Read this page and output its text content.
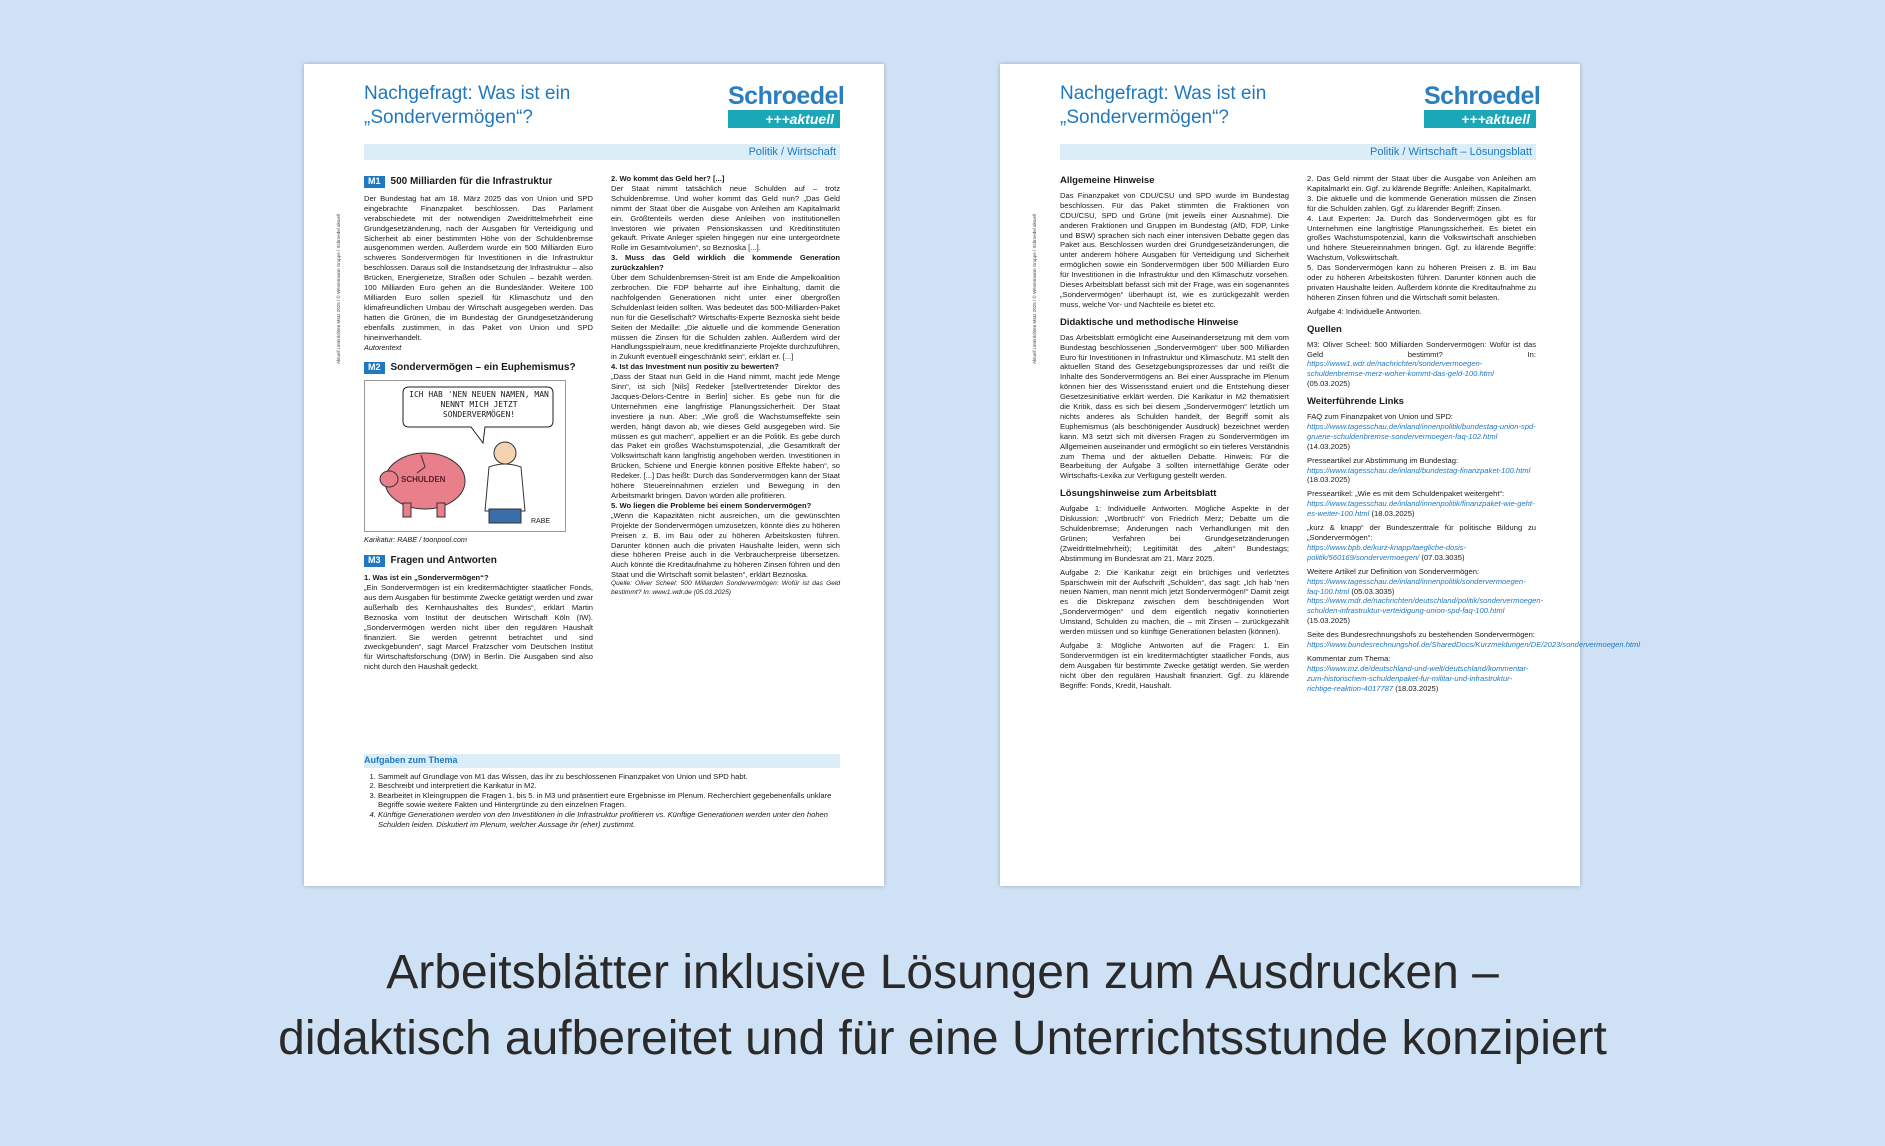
Nachgefragt: Was ist ein „Sondervermögen“?
Schroedel
+++aktuell
Politik / Wirtschaft
Aktuell Unterrichten März 2025 / © Westermann Gruppe / Schroedel aktuell
M1	500 Milliarden für die Infrastruktur
Der Bundestag hat am 18. März 2025 das von Union und SPD eingebrachte Finanzpaket beschlossen. Das Parlament verabschiedete mit der notwendigen Zweidrittelmehrheit eine Grundgesetzänderung, nach der Ausgaben für Verteidigung und Sicherheit ab einer bestimmten Höhe von der Schuldenbremse ausgenommen werden. Außerdem wurde ein 500 Milliarden Euro schweres Sondervermögen für Investitionen in die Infrastruktur beschlossen. Daraus soll die Instandsetzung der Infrastruktur – also Brücken, Energienetze, Straßen oder Schulen – bezahlt werden. 100 Milliarden Euro gehen an die Bundesländer. Weitere 100 Milliarden Euro sollen speziell für Klimaschutz und den klimafreundlichen Umbau der Wirtschaft ausgegeben werden. Das hatten die Grünen, die im Bundestag der Grundgesetzänderung ebenfalls zustimmen, in das Paket von Union und SPD hineinverhandelt.
Autorentext
M2	Sondervermögen – ein Euphemismus?
ICH HAB 'NEN NEUEN NAMEN, MAN NENNT MICH JETZT SONDERVERMÖGEN!
SCHULDEN
RABE
Karikatur: RABE / toonpool.com
M3	Fragen und Antworten
1. Was ist ein „Sondervermögen“?
„Ein Sondervermögen ist ein kreditermächtigter staatlicher Fonds, aus dem Ausgaben für bestimmte Zwecke getätigt werden und zwar außerhalb des Kernhaushaltes des Bundes“, erklärt Martin Beznoska vom Institut der deutschen Wirtschaft Köln (IW). „Sondervermögen werden nicht über den regulären Haushalt finanziert. Sie werden getrennt betrachtet und sind zweckgebunden“, sagt Marcel Fratzscher vom Deutschen Institut für Wirtschaftsforschung (DIW) in Berlin. Die Ausgaben sind also nicht durch den Haushalt gedeckt.
2. Wo kommt das Geld her? [...]
Der Staat nimmt tatsächlich neue Schulden auf – trotz Schuldenbremse. Und woher kommt das Geld nun? „Das Geld nimmt der Staat über die Ausgabe von Anleihen am Kapitalmarkt ein. Größtenteils werden diese Anleihen von institutionellen Investoren wie privaten Pensionskassen und Kreditinstituten gekauft. Private Anleger spielen hingegen nur eine untergeordnete Rolle im Gesamtvolumen“, so Beznoska [...].
3. Muss das Geld wirklich die kommende Generation zurückzahlen?
Über dem Schuldenbremsen-Streit ist am Ende die Ampelkoalition zerbrochen. Die FDP beharrte auf ihre Einhaltung, damit die nachfolgenden Generationen nicht unter einer übergroßen Schuldenlast leiden sollten. Was bedeutet das 500-Milliarden-Paket nun für die Gesellschaft? Wirtschafts-Experte Beznoska sieht beide Seiten der Medaille: „Die aktuelle und die kommende Generation müssen die Zinsen für die Schulden zahlen. Außerdem wird der Handlungsspielraum, neue kreditfinanzierte Projekte durchzuführen, in Zukunft eventuell eingeschränkt sein“, erklärt er. [...]
4. Ist das Investment nun positiv zu bewerten?
„Dass der Staat nun Geld in die Hand nimmt, macht jede Menge Sinn“, ist sich [Nils] Redeker [stellvertretender Direktor des Jacques-Delors-Centre in Berlin] sicher. Es gebe nun für die Unternehmen eine langfristige Planungssicherheit. Der Staat investiere ja nun. Aber: „Wie groß die Wachstumseffekte sein werden, hängt davon ab, wie dieses Geld ausgegeben wird. Sie müssen es gut machen“, appelliert er an die Politik. Es gebe durch das Paket ein großes Wachstumspotenzial, „die Gesamtkraft der Volkswirtschaft kann langfristig angehoben werden. Investitionen in Brücken, Schiene und Energie können positive Effekte haben“, so Redeker. [...] Das heißt: Durch das Sondervermögen kann der Staat höhere Steuereinnahmen erzielen und Bewegung in den Arbeitsmarkt bringen. Davon würden alle profitieren.
5. Wo liegen die Probleme bei einem Sondervermögen?
„Wenn die Kapazitäten nicht ausreichen, um die gewünschten Projekte der Sondervermögen umzusetzen, könnte dies zu höheren Preisen z. B. im Bau oder zu höheren Arbeitskosten führen. Darunter können auch die privaten Haushalte leiden, wenn sich diese höheren Preise auch in die Verbraucherpreise übersetzen. Auch könnte die Kreditaufnahme zu höheren Zinsen führen und den Staat und die Wirtschaft somit belasten“, erklärt Beznoska.
Quelle: Oliver Scheel: 500 Milliarden Sondervermögen: Wofür ist das Geld bestimmt? In: www1.wdr.de (05.03.2025)
Aufgaben zum Thema
1. Sammelt auf Grundlage von M1 das Wissen, das ihr zu beschlossenen Finanzpaket von Union und SPD habt.
2. Beschreibt und interpretiert die Karikatur in M2.
3. Bearbeitet in Kleingruppen die Fragen 1. bis 5. in M3 und präsentiert eure Ergebnisse im Plenum. Recherchiert gegebenenfalls unklare Begriffe sowie weitere Fakten und Hintergründe zu den einzelnen Fragen.
4. Künftige Generationen werden von den Investitionen in die Infrastruktur profitieren vs. Künftige Generationen werden unter den hohen Schulden leiden. Diskutiert im Plenum, welcher Aussage ihr (eher) zustimmt.
Nachgefragt: Was ist ein „Sondervermögen“?
Schroedel
+++aktuell
Politik / Wirtschaft – Lösungsblatt
Aktuell Unterrichten März 2025 / © Westermann Gruppe / Schroedel aktuell
Allgemeine Hinweise
Das Finanzpaket von CDU/CSU und SPD wurde im Bundestag beschlossen. Für das Paket stimmten die Fraktionen von CDU/CSU, SPD und Grüne (mit jeweils einer Ausnahme). Die anderen Fraktionen und Gruppen im Bundestag (AfD, FDP, Linke und BSW) sprachen sich nach einer intensiven Debatte gegen das Paket aus. Beschlossen wurden drei Grundgesetzänderungen, die unter anderem höhere Ausgaben für Verteidigung und Sicherheit ermöglichen sowie ein Sondervermögen über 500 Milliarden Euro für Investitionen in die Infrastruktur und den Klimaschutz vorsehen. Dieses Arbeitsblatt befasst sich mit der Frage, was ein sogenanntes „Sondervermögen“ überhaupt ist, wie es zurückgezahlt werden muss, welche Vor- und Nachteile es bietet etc.
Didaktische und methodische Hinweise
Das Arbeitsblatt ermöglicht eine Auseinandersetzung mit dem vom Bundestag beschlossenen „Sondervermögen“ über 500 Milliarden Euro für Investitionen in Infrastruktur und Klimaschutz. M1 stellt den aktuellen Stand des Gesetzgebungsprozesses dar und reißt die Inhalte des Sondervermögens an. Bei einer Aussprache im Plenum können hier des Wissensstand eruiert und die Entstehung dieser Gesetzesinitiative erklärt werden. Die Karikatur in M2 thematisiert die Kritik, dass es sich bei diesem „Sondervermögen“ letztlich um nichts anderes als Schulden handelt, der Begriff somit als Euphemismus (als beschönigender Ausdruck) bezeichnet werden kann. M3 setzt sich mit diversen Fragen zu Sondervermögen im Allgemeinen auseinander und ermöglicht so ein tieferes Verständnis zum Thema und der aktuellen Debatte. Hinweis: Für die Bearbeitung der Aufgabe 3 sollten internetfähige Geräte oder Wirtschafts-Lexika zur Verfügung gestellt werden.
Lösungshinweise zum Arbeitsblatt
Aufgabe 1: Individuelle Antworten. Mögliche Aspekte in der Diskussion: „Wortbruch“ von Friedrich Merz; Debatte um die Schuldenbremse; Änderungen nach Verhandlungen mit den Grünen; Verfahren bei Grundgesetzänderungen (Zweidrittelmehrheit); Legitimität des „alten“ Bundestags; Abstimmung im Bundesrat am 21. März 2025.
Aufgabe 2: Die Karikatur zeigt ein brüchiges und verletztes Sparschwein mit der Aufschrift „Schulden“, das sagt: „Ich hab 'nen neuen Namen, man nennt mich jetzt Sondervermögen!“ Damit zeigt es die Diskrepanz zwischen dem beschönigenden Wort „Sondervermögen“ und dem eigentlich negativ konnotierten Umstand, Schulden zu machen, die – mit Zinsen – zurückgezahlt werden müssen und so künftige Generationen belasten (können).
Aufgabe 3: Mögliche Antworten auf die Fragen: 1. Ein Sondervermögen ist ein kreditermächtigter staatlicher Fonds, aus dem Ausgaben für bestimmte Zwecke getätigt werden. Sie werden nicht über den regulären Haushalt finanziert. Ggf. zu klärende Begriffe: Fonds, Kredit, Haushalt.
2. Das Geld nimmt der Staat über die Ausgabe von Anleihen am Kapitalmarkt ein. Ggf. zu klärende Begriffe: Anleihen, Kapitalmarkt.
3. Die aktuelle und die kommende Generation müssen die Zinsen für die Schulden zahlen. Ggf. zu klärender Begriff: Zinsen.
4. Laut Experten: Ja. Durch das Sondervermögen gibt es für Unternehmen eine langfristige Planungssicherheit. Es bietet ein großes Wachstumspotenzial, kann die Volkswirtschaft anschieben und höhere Steuereinnahmen bringen. Ggf. zu klärende Begriffe: Wachstum, Volkswirtschaft.
5. Das Sondervermögen kann zu höheren Preisen z. B. im Bau oder zu höheren Arbeitskosten führen. Darunter können auch die privaten Haushalte leiden. Außerdem könnte die Kreditaufnahme zu höheren Zinsen führen und die Wirtschaft somit belasten.
Aufgabe 4: Individuelle Antworten.
Quellen
M3: Oliver Scheel: 500 Milliarden Sondervermögen: Wofür ist das Geld bestimmt? In: https://www1.wdr.de/nachrichten/sondervermoegen-schuldenbremse-merz-woher-kommt-das-geld-100.html (05.03.2025)
Weiterführende Links
FAQ zum Finanzpaket von Union und SPD:
https://www.tagesschau.de/inland/innenpolitik/bundestag-union-spd-gruene-schuldenbremse-sondervermoegen-faq-102.html (14.03.2025)
Presseartikel zur Abstimmung im Bundestag:
https://www.tagesschau.de/inland/bundestag-finanzpaket-100.html (18.03.2025)
Presseartikel: „Wie es mit dem Schuldenpaket weitergeht“:
https://www.tagesschau.de/inland/innenpolitik/finanzpaket-wie-geht-es-weiter-100.html (18.03.2025)
„kurz & knapp“ der Bundeszentrale für politische Bildung zu „Sondervermögen“:
https://www.bpb.de/kurz-knapp/taegliche-dosis-politik/560169/sondervermoegen/ (07.03.3035)
Weitere Artikel zur Definition von Sondervermögen:
https://www.tagesschau.de/inland/innenpolitik/sondervermoegen-faq-100.html (05.03.3035)
https://www.mdr.de/nachrichten/deutschland/politik/sondervermoegen-schulden-infrastruktur-verteidigung-union-spd-faq-100.html (15.03.2025)
Seite des Bundesrechnungshofs zu bestehenden Sondervermögen:
https://www.bundesrechnungshof.de/SharedDocs/Kurzmeldungen/DE/2023/sondervermoegen.html
Kommentar zum Thema:
https://www.mz.de/deutschland-und-welt/deutschland/kommentar-zum-historischem-schuldenpaket-fur-militar-und-infrastruktur-richtige-reaktion-4017787 (18.03.2025)
Arbeitsblätter inklusive Lösungen zum Ausdrucken –
didaktisch aufbereitet und für eine Unterrichtsstunde konzipiert
